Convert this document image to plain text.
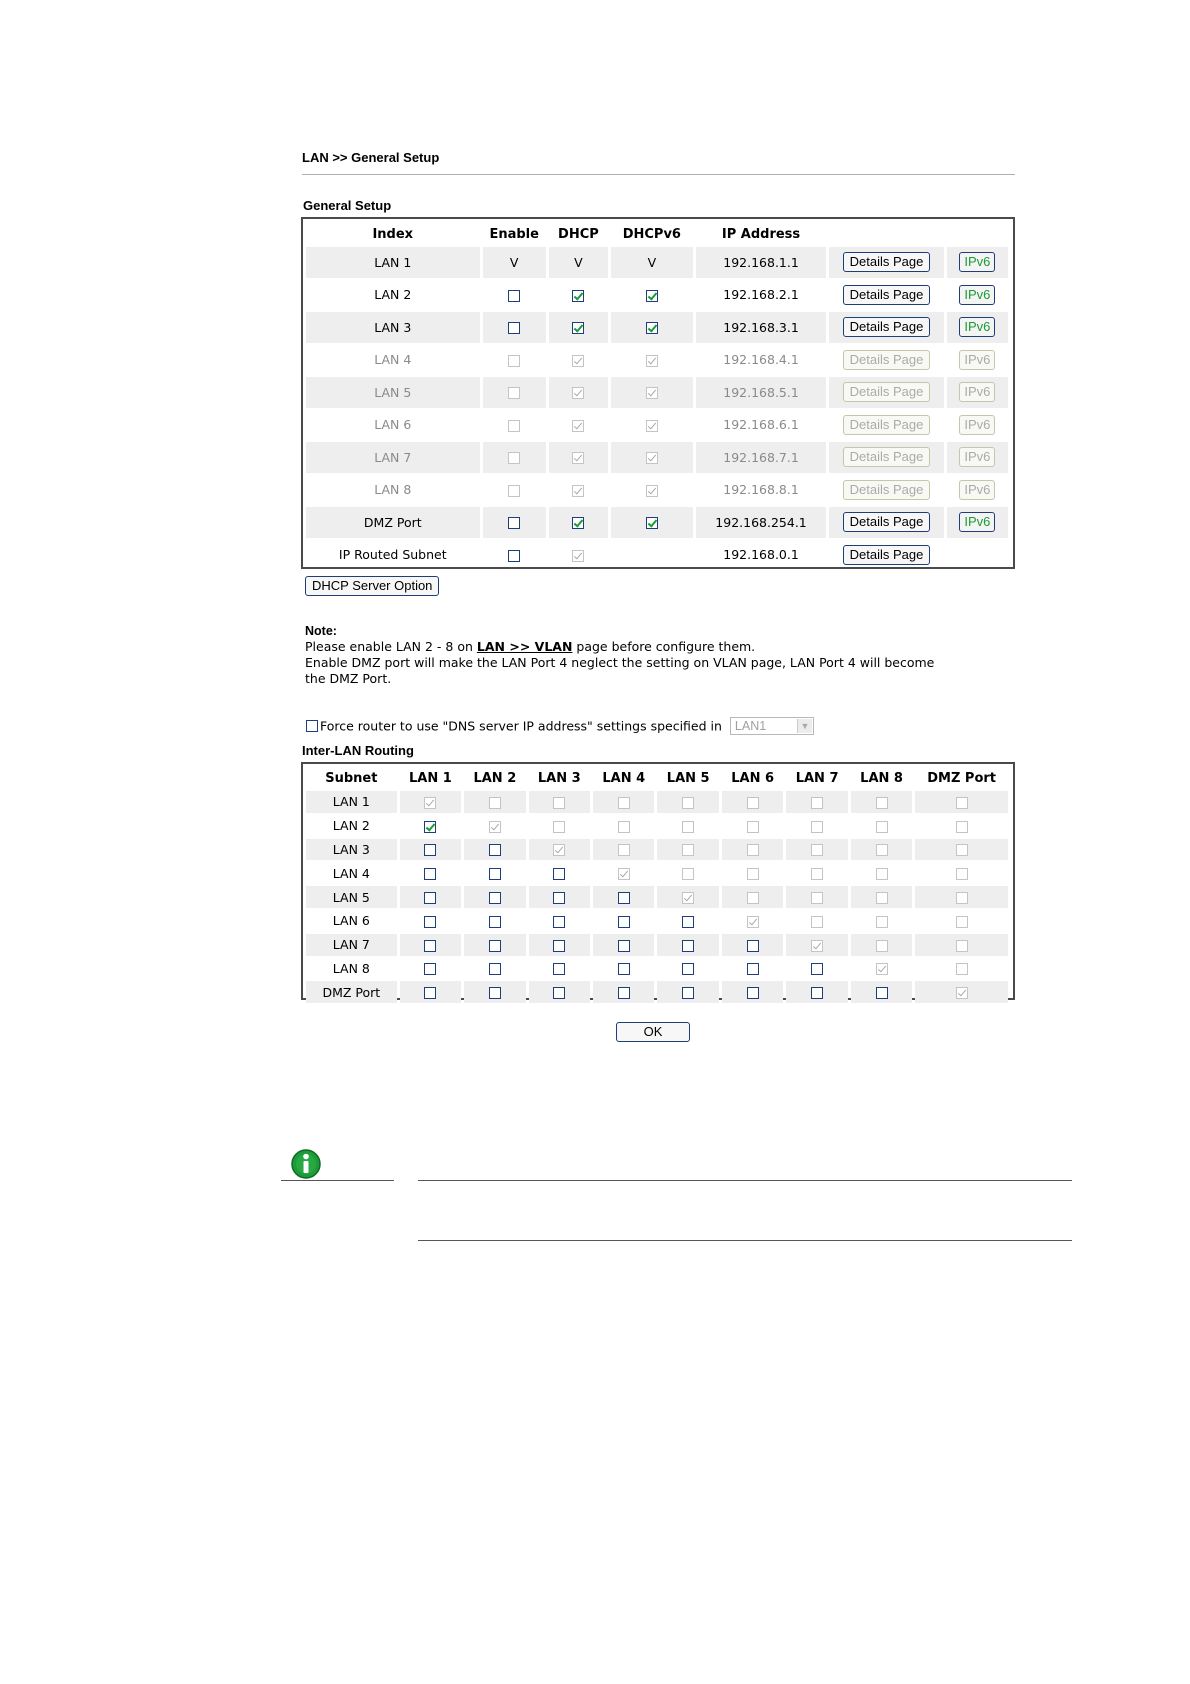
LAN >> General Setup
General Setup
Index	Enable	DHCP	DHCPv6	IP Address		
LAN 1	V	V	V	192.168.1.1	Details Page	IPv6
LAN 2				192.168.2.1	Details Page	IPv6
LAN 3				192.168.3.1	Details Page	IPv6
LAN 4				192.168.4.1	Details Page	IPv6
LAN 5				192.168.5.1	Details Page	IPv6
LAN 6				192.168.6.1	Details Page	IPv6
LAN 7				192.168.7.1	Details Page	IPv6
LAN 8				192.168.8.1	Details Page	IPv6
DMZ Port				192.168.254.1	Details Page	IPv6
IP Routed Subnet				192.168.0.1	Details Page	
DHCP Server Option
Note:
Please enable LAN 2 - 8 on LAN >> VLAN page before configure them.
Enable DMZ port will make the LAN Port 4 neglect the setting on VLAN page, LAN Port 4 will become
the DMZ Port.
Force router to use "DNS server IP address" settings specified in LAN1	▼
Inter-LAN Routing
Subnet	LAN 1	LAN 2	LAN 3	LAN 4	LAN 5	LAN 6	LAN 7	LAN 8	DMZ Port
LAN 1									
LAN 2									
LAN 3									
LAN 4									
LAN 5									
LAN 6									
LAN 7									
LAN 8									
DMZ Port									
OK
